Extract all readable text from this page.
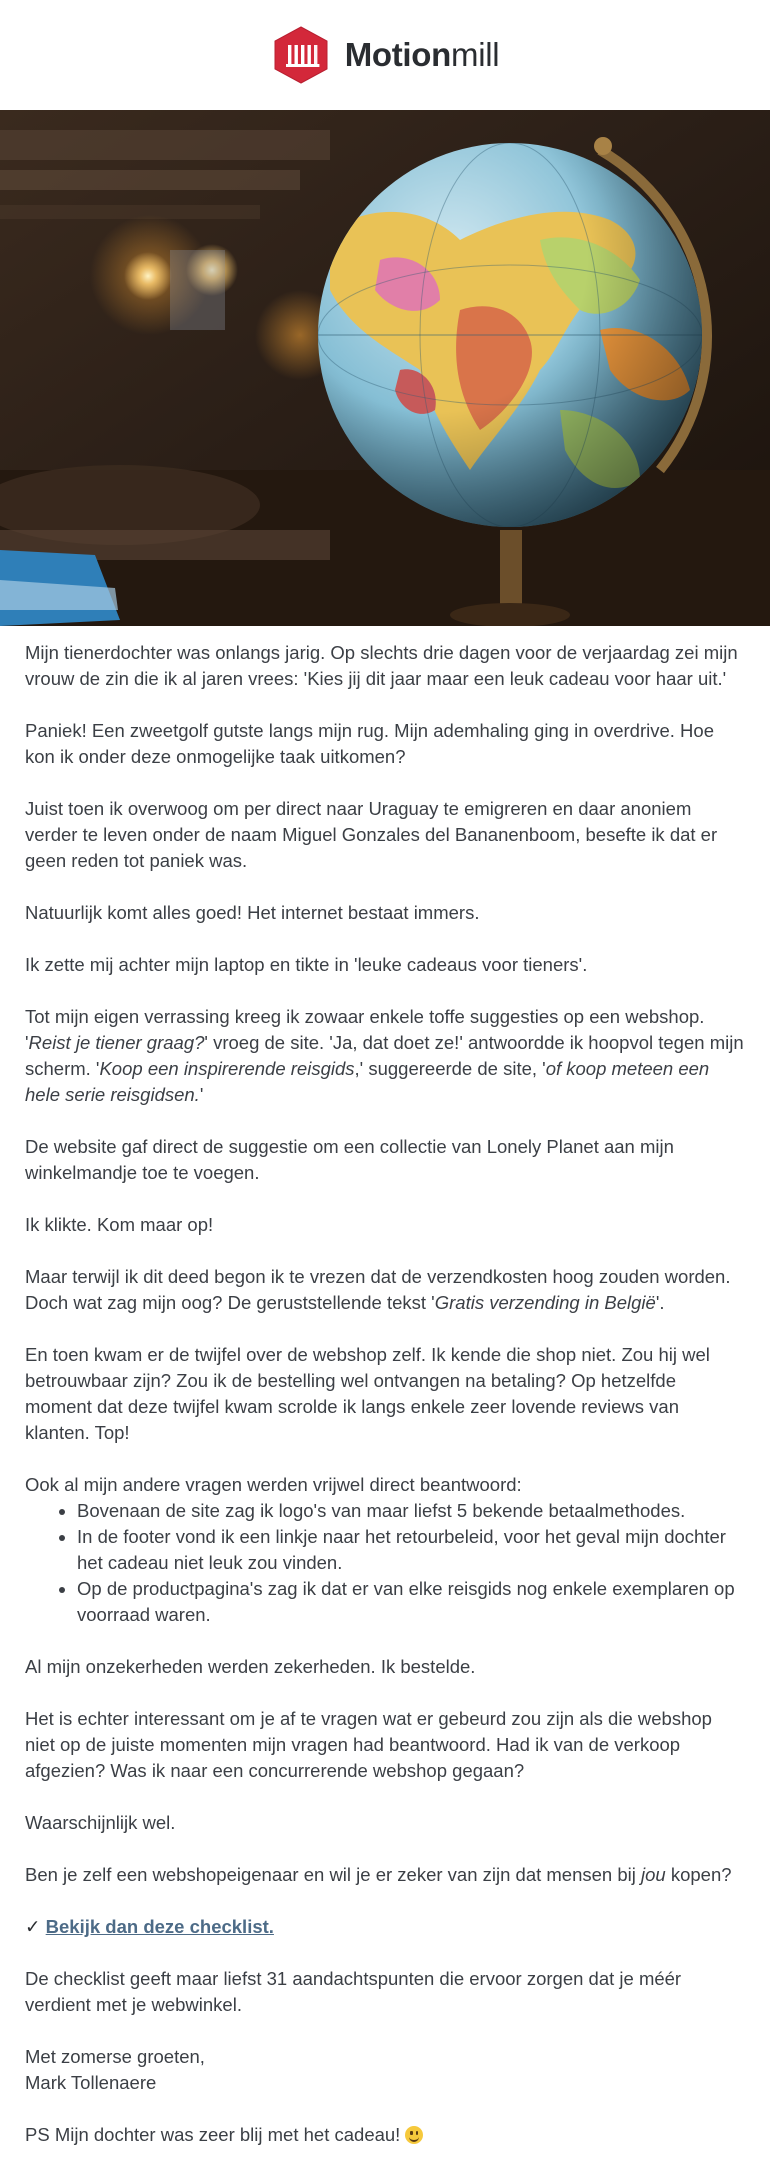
Motionmill

Mijn tienerdochter was onlangs jarig. Op slechts drie dagen voor de verjaardag zei mijn vrouw de zin die ik al jaren vrees: 'Kies jij dit jaar maar een leuk cadeau voor haar uit.'

Paniek! Een zweetgolf gutste langs mijn rug. Mijn ademhaling ging in overdrive. Hoe kon ik onder deze onmogelijke taak uitkomen?

Juist toen ik overwoog om per direct naar Uraguay te emigreren en daar anoniem verder te leven onder de naam Miguel Gonzales del Bananenboom, besefte ik dat er geen reden tot paniek was.

Natuurlijk komt alles goed! Het internet bestaat immers.

Ik zette mij achter mijn laptop en tikte in 'leuke cadeaus voor tieners'.

Tot mijn eigen verrassing kreeg ik zowaar enkele toffe suggesties op een webshop. 'Reist je tiener graag?' vroeg de site. 'Ja, dat doet ze!' antwoordde ik hoopvol tegen mijn scherm. 'Koop een inspirerende reisgids,' suggereerde de site, 'of koop meteen een hele serie reisgidsen.'

De website gaf direct de suggestie om een collectie van Lonely Planet aan mijn winkelmandje toe te voegen.

Ik klikte. Kom maar op!

Maar terwijl ik dit deed begon ik te vrezen dat de verzendkosten hoog zouden worden. Doch wat zag mijn oog? De geruststellende tekst 'Gratis verzending in België'.

En toen kwam er de twijfel over de webshop zelf. Ik kende die shop niet. Zou hij wel betrouwbaar zijn? Zou ik de bestelling wel ontvangen na betaling? Op hetzelfde moment dat deze twijfel kwam scrolde ik langs enkele zeer lovende reviews van klanten. Top!

Ook al mijn andere vragen werden vrijwel direct beantwoord:

• Bovenaan de site zag ik logo's van maar liefst 5 bekende betaalmethodes.
• In de footer vond ik een linkje naar het retourbeleid, voor het geval mijn dochter het cadeau niet leuk zou vinden.
• Op de productpagina's zag ik dat er van elke reisgids nog enkele exemplaren op voorraad waren.

Al mijn onzekerheden werden zekerheden. Ik bestelde.

Het is echter interessant om je af te vragen wat er gebeurd zou zijn als die webshop niet op de juiste momenten mijn vragen had beantwoord. Had ik van de verkoop afgezien? Was ik naar een concurrerende webshop gegaan?

Waarschijnlijk wel.

Ben je zelf een webshopeigenaar en wil je er zeker van zijn dat mensen bij jou kopen?

✓ Bekijk dan deze checklist.

De checklist geeft maar liefst 31 aandachtspunten die ervoor zorgen dat je méér verdient met je webwinkel.

Met zomerse groeten,
Mark Tollenaere

PS Mijn dochter was zeer blij met het cadeau!
